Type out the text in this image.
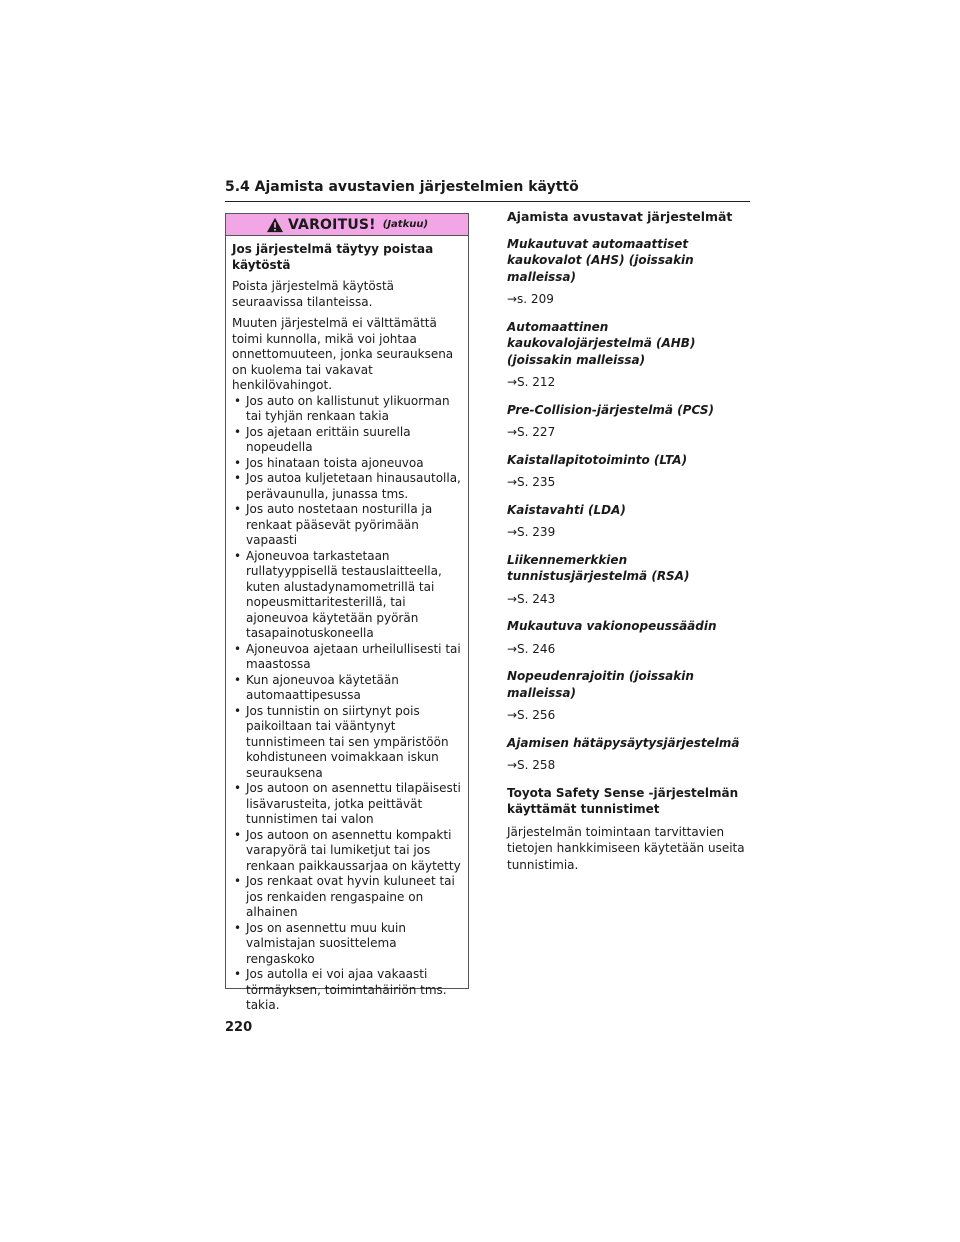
5.4 Ajamista avustavien järjestelmien käyttö
VAROITUS! (Jatkuu)

Jos järjestelmä täytyy poistaa käytöstä

Poista järjestelmä käytöstä seuraavissa tilanteissa.

Muuten järjestelmä ei välttämättä toimi kunnolla, mikä voi johtaa onnettomuuteen, jonka seurauksena on kuolema tai vakavat henkilövahingot.

• Jos auto on kallistunut ylikuorman tai tyhjän renkaan takia
• Jos ajetaan erittäin suurella nopeudella
• Jos hinataan toista ajoneuvoa
• Jos autoa kuljetetaan hinausautolla, perävaunulla, junassa tms.
• Jos auto nostetaan nosturilla ja renkaat pääsevät pyörimään vapaasti
• Ajoneuvoa tarkastetaan rullatyyppisellä testauslaitteella, kuten alustadynamometrillä tai nopeusmittaritesterillä, tai ajoneuvoa käytetään pyörän tasapainotuskoneella
• Ajoneuvoa ajetaan urheilullisesti tai maastossa
• Kun ajoneuvoa käytetään automaattipesussa
• Jos tunnistin on siirtynyt pois paikoiltaan tai vääntynyt tunnistimeen tai sen ympäristöön kohdistuneen voimakkaan iskun seurauksena
• Jos autoon on asennettu tilapäisesti lisävarusteita, jotka peittävät tunnistimen tai valon
• Jos autoon on asennettu kompakti varapyörä tai lumiketjut tai jos renkaan paikkaussarjaa on käytetty
• Jos renkaat ovat hyvin kuluneet tai jos renkaiden rengaspaine on alhainen
• Jos on asennettu muu kuin valmistajan suosittelema rengaskoko
• Jos autolla ei voi ajaa vakaasti törmäyksen, toimintahäiriön tms. takia.

Ajamista avustavat järjestelmät

Mukautuvat automaattiset kaukovalot (AHS) (joissakin malleissa)

→s. 209

Automaattinen kaukovalojärjestelmä (AHB) (joissakin malleissa)

→S. 212

Pre-Collision-järjestelmä (PCS)

→S. 227

Kaistallapitotoiminto (LTA)

→S. 235

Kaistavahti (LDA)

→S. 239

Liikennemerkkien tunnistusjärjestelmä (RSA)

→S. 243

Mukautuva vakionopeussäädin

→S. 246

Nopeudenrajoitin (joissakin malleissa)

→S. 256

Ajamisen hätäpysäytysjärjestelmä

→S. 258

Toyota Safety Sense -järjestelmän käyttämät tunnistimet

Järjestelmän toimintaan tarvittavien tietojen hankkimiseen käytetään useita tunnistimia.

220
